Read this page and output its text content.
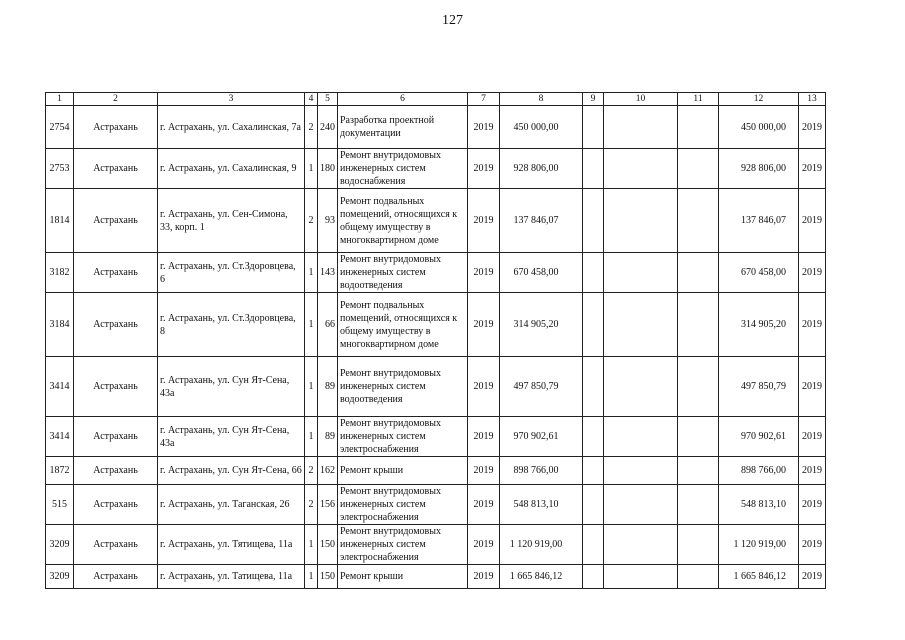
127
1	2	3	4	5	6	7	8	9	10	11	12	13
2754	Астрахань	г. Астрахань, ул. Сахалинская, 7а	2	240	Разработка проектной документации	2019	450 000,00				450 000,00	2019
2753	Астрахань	г. Астрахань, ул. Сахалинская, 9	1	180	Ремонт внутридомовых инженерных систем водоснабжения	2019	928 806,00				928 806,00	2019
1814	Астрахань	г. Астрахань, ул. Сен-Симона, 33, корп. 1	2	93	Ремонт подвальных помещений, относящихся к общему имуществу в многоквартирном доме	2019	137 846,07				137 846,07	2019
3182	Астрахань	г. Астрахань, ул. Ст.Здоровцева, 6	1	143	Ремонт внутридомовых инженерных систем водоотведения	2019	670 458,00				670 458,00	2019
3184	Астрахань	г. Астрахань, ул. Ст.Здоровцева, 8	1	66	Ремонт подвальных помещений, относящихся к общему имуществу в многоквартирном доме	2019	314 905,20				314 905,20	2019
3414	Астрахань	г. Астрахань, ул. Сун Ят-Сена, 43а	1	89	Ремонт внутридомовых инженерных систем водоотведения	2019	497 850,79				497 850,79	2019
3414	Астрахань	г. Астрахань, ул. Сун Ят-Сена, 43а	1	89	Ремонт внутридомовых инженерных систем электроснабжения	2019	970 902,61				970 902,61	2019
1872	Астрахань	г. Астрахань, ул. Сун Ят-Сена, 66	2	162	Ремонт крыши	2019	898 766,00				898 766,00	2019
515	Астрахань	г. Астрахань, ул. Таганская, 26	2	156	Ремонт внутридомовых инженерных систем электроснабжения	2019	548 813,10				548 813,10	2019
3209	Астрахань	г. Астрахань, ул. Тятищева, 11а	1	150	Ремонт внутридомовых инженерных систем электроснабжения	2019	1 120 919,00				1 120 919,00	2019
3209	Астрахань	г. Астрахань, ул. Татищева, 11а	1	150	Ремонт крыши	2019	1 665 846,12				1 665 846,12	2019
